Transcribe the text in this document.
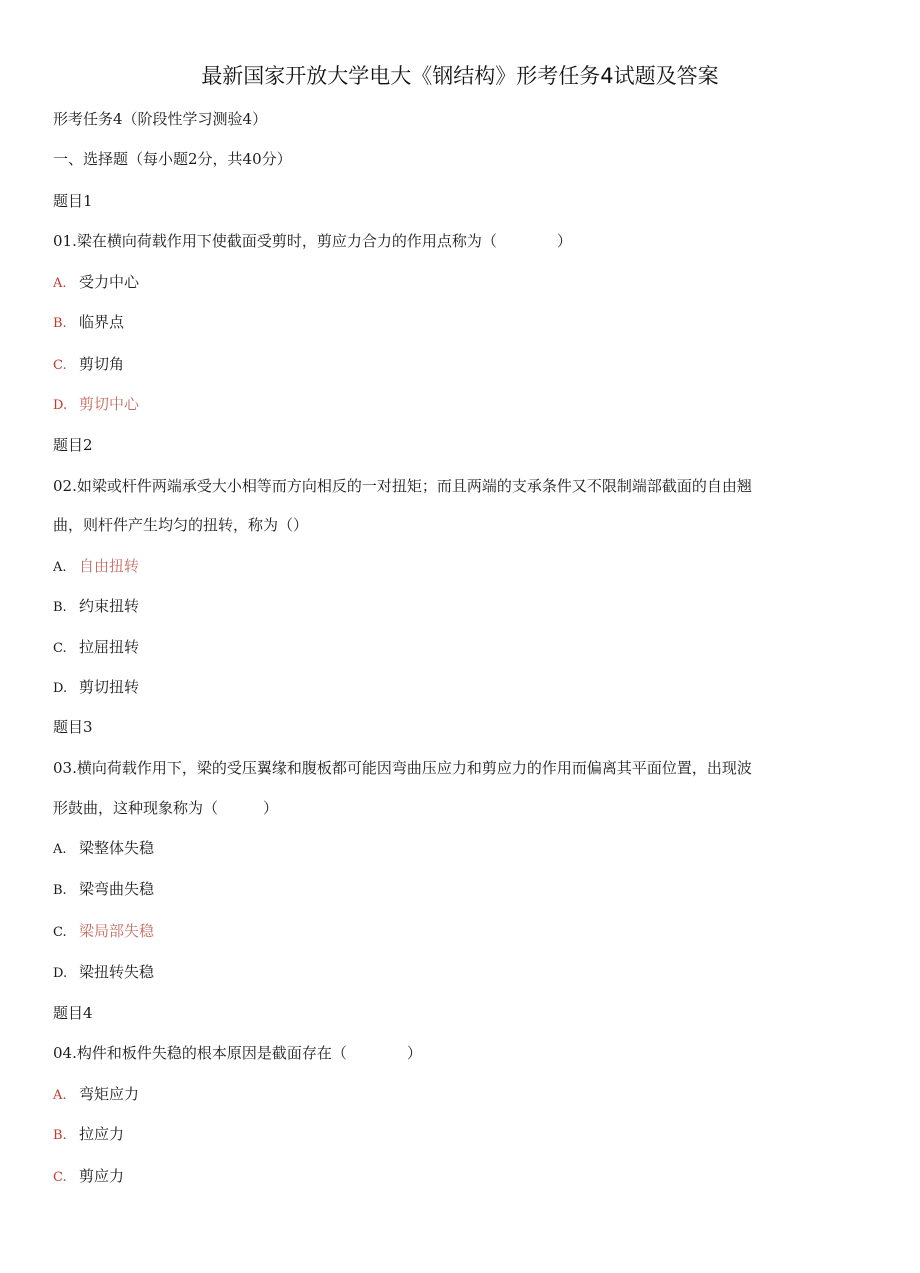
最新国家开放大学电大《钢结构》形考任务4试题及答案
形考任务4（阶段性学习测验4）
一、选择题（每小题2分，共40分）
题目1
01.梁在横向荷载作用下使截面受剪时，剪应力合力的作用点称为（　　　　）
A. 受力中心
B. 临界点
C. 剪切角
D. 剪切中心
题目2
02.如梁或杆件两端承受大小相等而方向相反的一对扭矩；而且两端的支承条件又不限制端部截面的自由翘
曲，则杆件产生均匀的扭转，称为（）
A. 自由扭转
B. 约束扭转
C. 拉屈扭转
D. 剪切扭转
题目3
03.横向荷载作用下，梁的受压翼缘和腹板都可能因弯曲压应力和剪应力的作用而偏离其平面位置，出现波
形鼓曲，这种现象称为（　　　）
A. 梁整体失稳
B. 梁弯曲失稳
C. 梁局部失稳
D. 梁扭转失稳
题目4
04.构件和板件失稳的根本原因是截面存在（　　　　）
A. 弯矩应力
B. 拉应力
C. 剪应力
